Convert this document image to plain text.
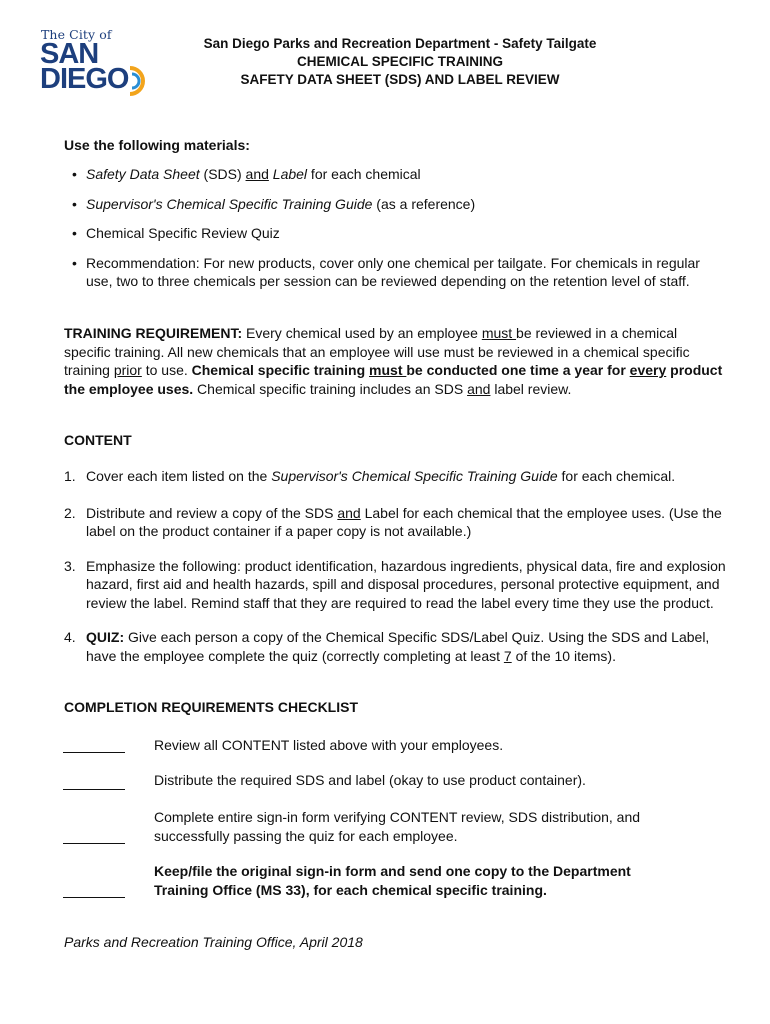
The City of
SAN
DIEGO
San Diego Parks and Recreation Department - Safety Tailgate
CHEMICAL SPECIFIC TRAINING
SAFETY DATA SHEET (SDS) AND LABEL REVIEW
Use the following materials:
• Safety Data Sheet (SDS) and Label for each chemical
• Supervisor's Chemical Specific Training Guide (as a reference)
• Chemical Specific Review Quiz
• Recommendation: For new products, cover only one chemical per tailgate. For chemicals in regular use, two to three chemicals per session can be reviewed depending on the retention level of staff.
TRAINING REQUIREMENT: Every chemical used by an employee must be reviewed in a chemical specific training. All new chemicals that an employee will use must be reviewed in a chemical specific training prior to use. Chemical specific training must be conducted one time a year for every product the employee uses. Chemical specific training includes an SDS and label review.
CONTENT
1. Cover each item listed on the Supervisor's Chemical Specific Training Guide for each chemical.
2. Distribute and review a copy of the SDS and Label for each chemical that the employee uses. (Use the label on the product container if a paper copy is not available.)
3. Emphasize the following: product identification, hazardous ingredients, physical data, fire and explosion hazard, first aid and health hazards, spill and disposal procedures, personal protective equipment, and review the label. Remind staff that they are required to read the label every time they use the product.
4. QUIZ: Give each person a copy of the Chemical Specific SDS/Label Quiz. Using the SDS and Label, have the employee complete the quiz (correctly completing at least 7 of the 10 items).
COMPLETION REQUIREMENTS CHECKLIST
Review all CONTENT listed above with your employees.
Distribute the required SDS and label (okay to use product container).
Complete entire sign-in form verifying CONTENT review, SDS distribution, and successfully passing the quiz for each employee.
Keep/file the original sign-in form and send one copy to the Department Training Office (MS 33), for each chemical specific training.
Parks and Recreation Training Office, April 2018
